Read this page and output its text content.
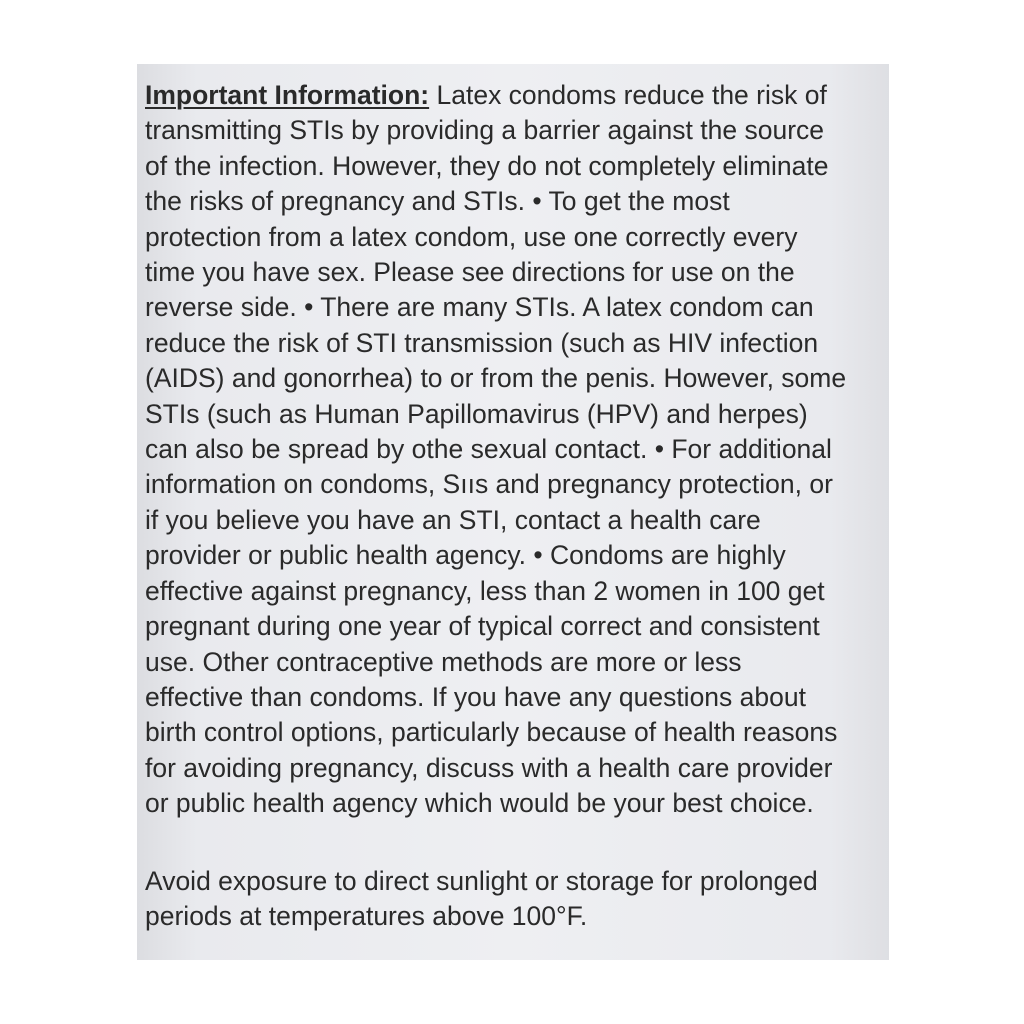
Important Information: Latex condoms reduce the risk of
transmitting STIs by providing a barrier against the source
of the infection. However, they do not completely eliminate
the risks of pregnancy and STIs. • To get the most
protection from a latex condom, use one correctly every
time you have sex. Please see directions for use on the
reverse side. • There are many STIs. A latex condom can
reduce the risk of STI transmission (such as HIV infection
(AIDS) and gonorrhea) to or from the penis. However, some
STIs (such as Human Papillomavirus (HPV) and herpes)
can also be spread by othe sexual contact. • For additional
information on condoms, Sııs and pregnancy protection, or
if you believe you have an STI, contact a health care
provider or public health agency. • Condoms are highly
effective against pregnancy, less than 2 women in 100 get
pregnant during one year of typical correct and consistent
use. Other contraceptive methods are more or less
effective than condoms. If you have any questions about
birth control options, particularly because of health reasons
for avoiding pregnancy, discuss with a health care provider
or public health agency which would be your best choice.
Avoid exposure to direct sunlight or storage for prolonged
periods at temperatures above 100°F.
